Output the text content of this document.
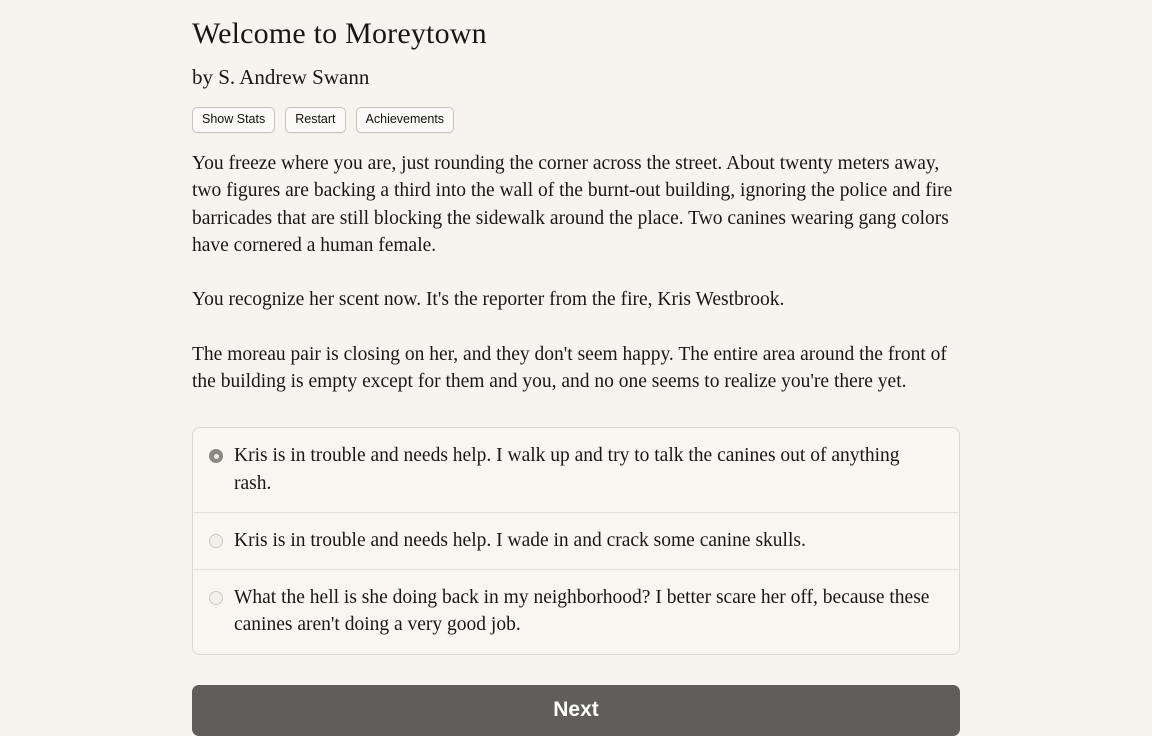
Welcome to Moreytown
by S. Andrew Swann
Show Stats	Restart	Achievements

You freeze where you are, just rounding the corner across the street. About twenty meters away, two figures are backing a third into the wall of the burnt-out building, ignoring the police and fire barricades that are still blocking the sidewalk around the place. Two canines wearing gang colors have cornered a human female.

You recognize her scent now. It's the reporter from the fire, Kris Westbrook.

The moreau pair is closing on her, and they don't seem happy. The entire area around the front of the building is empty except for them and you, and no one seems to realize you're there yet.

Kris is in trouble and needs help. I walk up and try to talk the canines out of anything rash.
Kris is in trouble and needs help. I wade in and crack some canine skulls.
What the hell is she doing back in my neighborhood? I better scare her off, because these canines aren't doing a very good job.
Next
